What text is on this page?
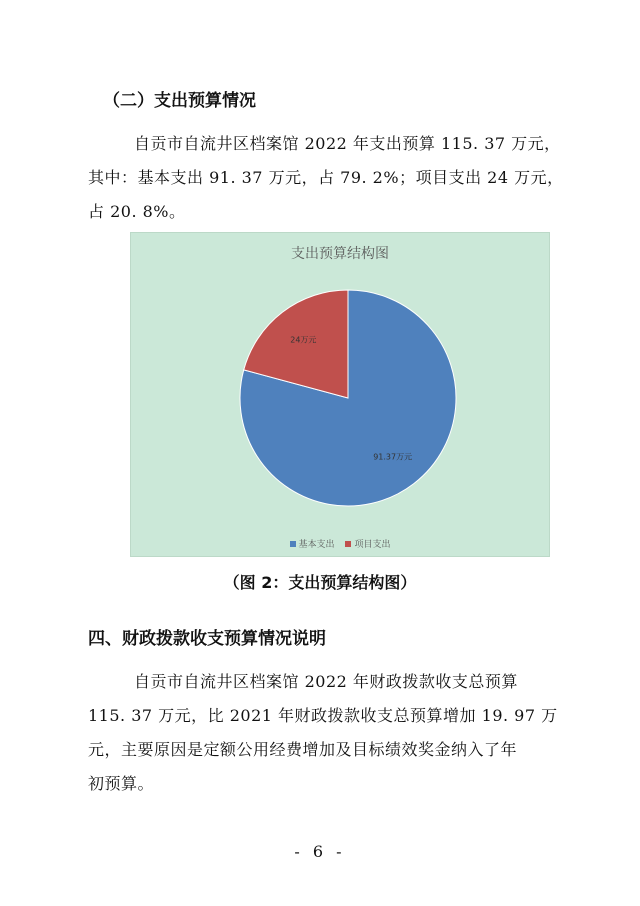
（二）支出预算情况

自贡市自流井区档案馆 2022 年支出预算 115. 37 万元，

其中：基本支出 91. 37 万元，占 79. 2%；项目支出 24 万元，

占 20. 8%。

支出预算结构图
91.37万元
24万元
基本支出
项目支出
（图 2：支出预算结构图）
四、财政拨款收支预算情况说明

自贡市自流井区档案馆 2022 年财政拨款收支总预算

115. 37 万元，比 2021 年财政拨款收支总预算增加 19. 97 万

元，主要原因是定额公用经费增加及目标绩效奖金纳入了年

初预算。

- 6 -
